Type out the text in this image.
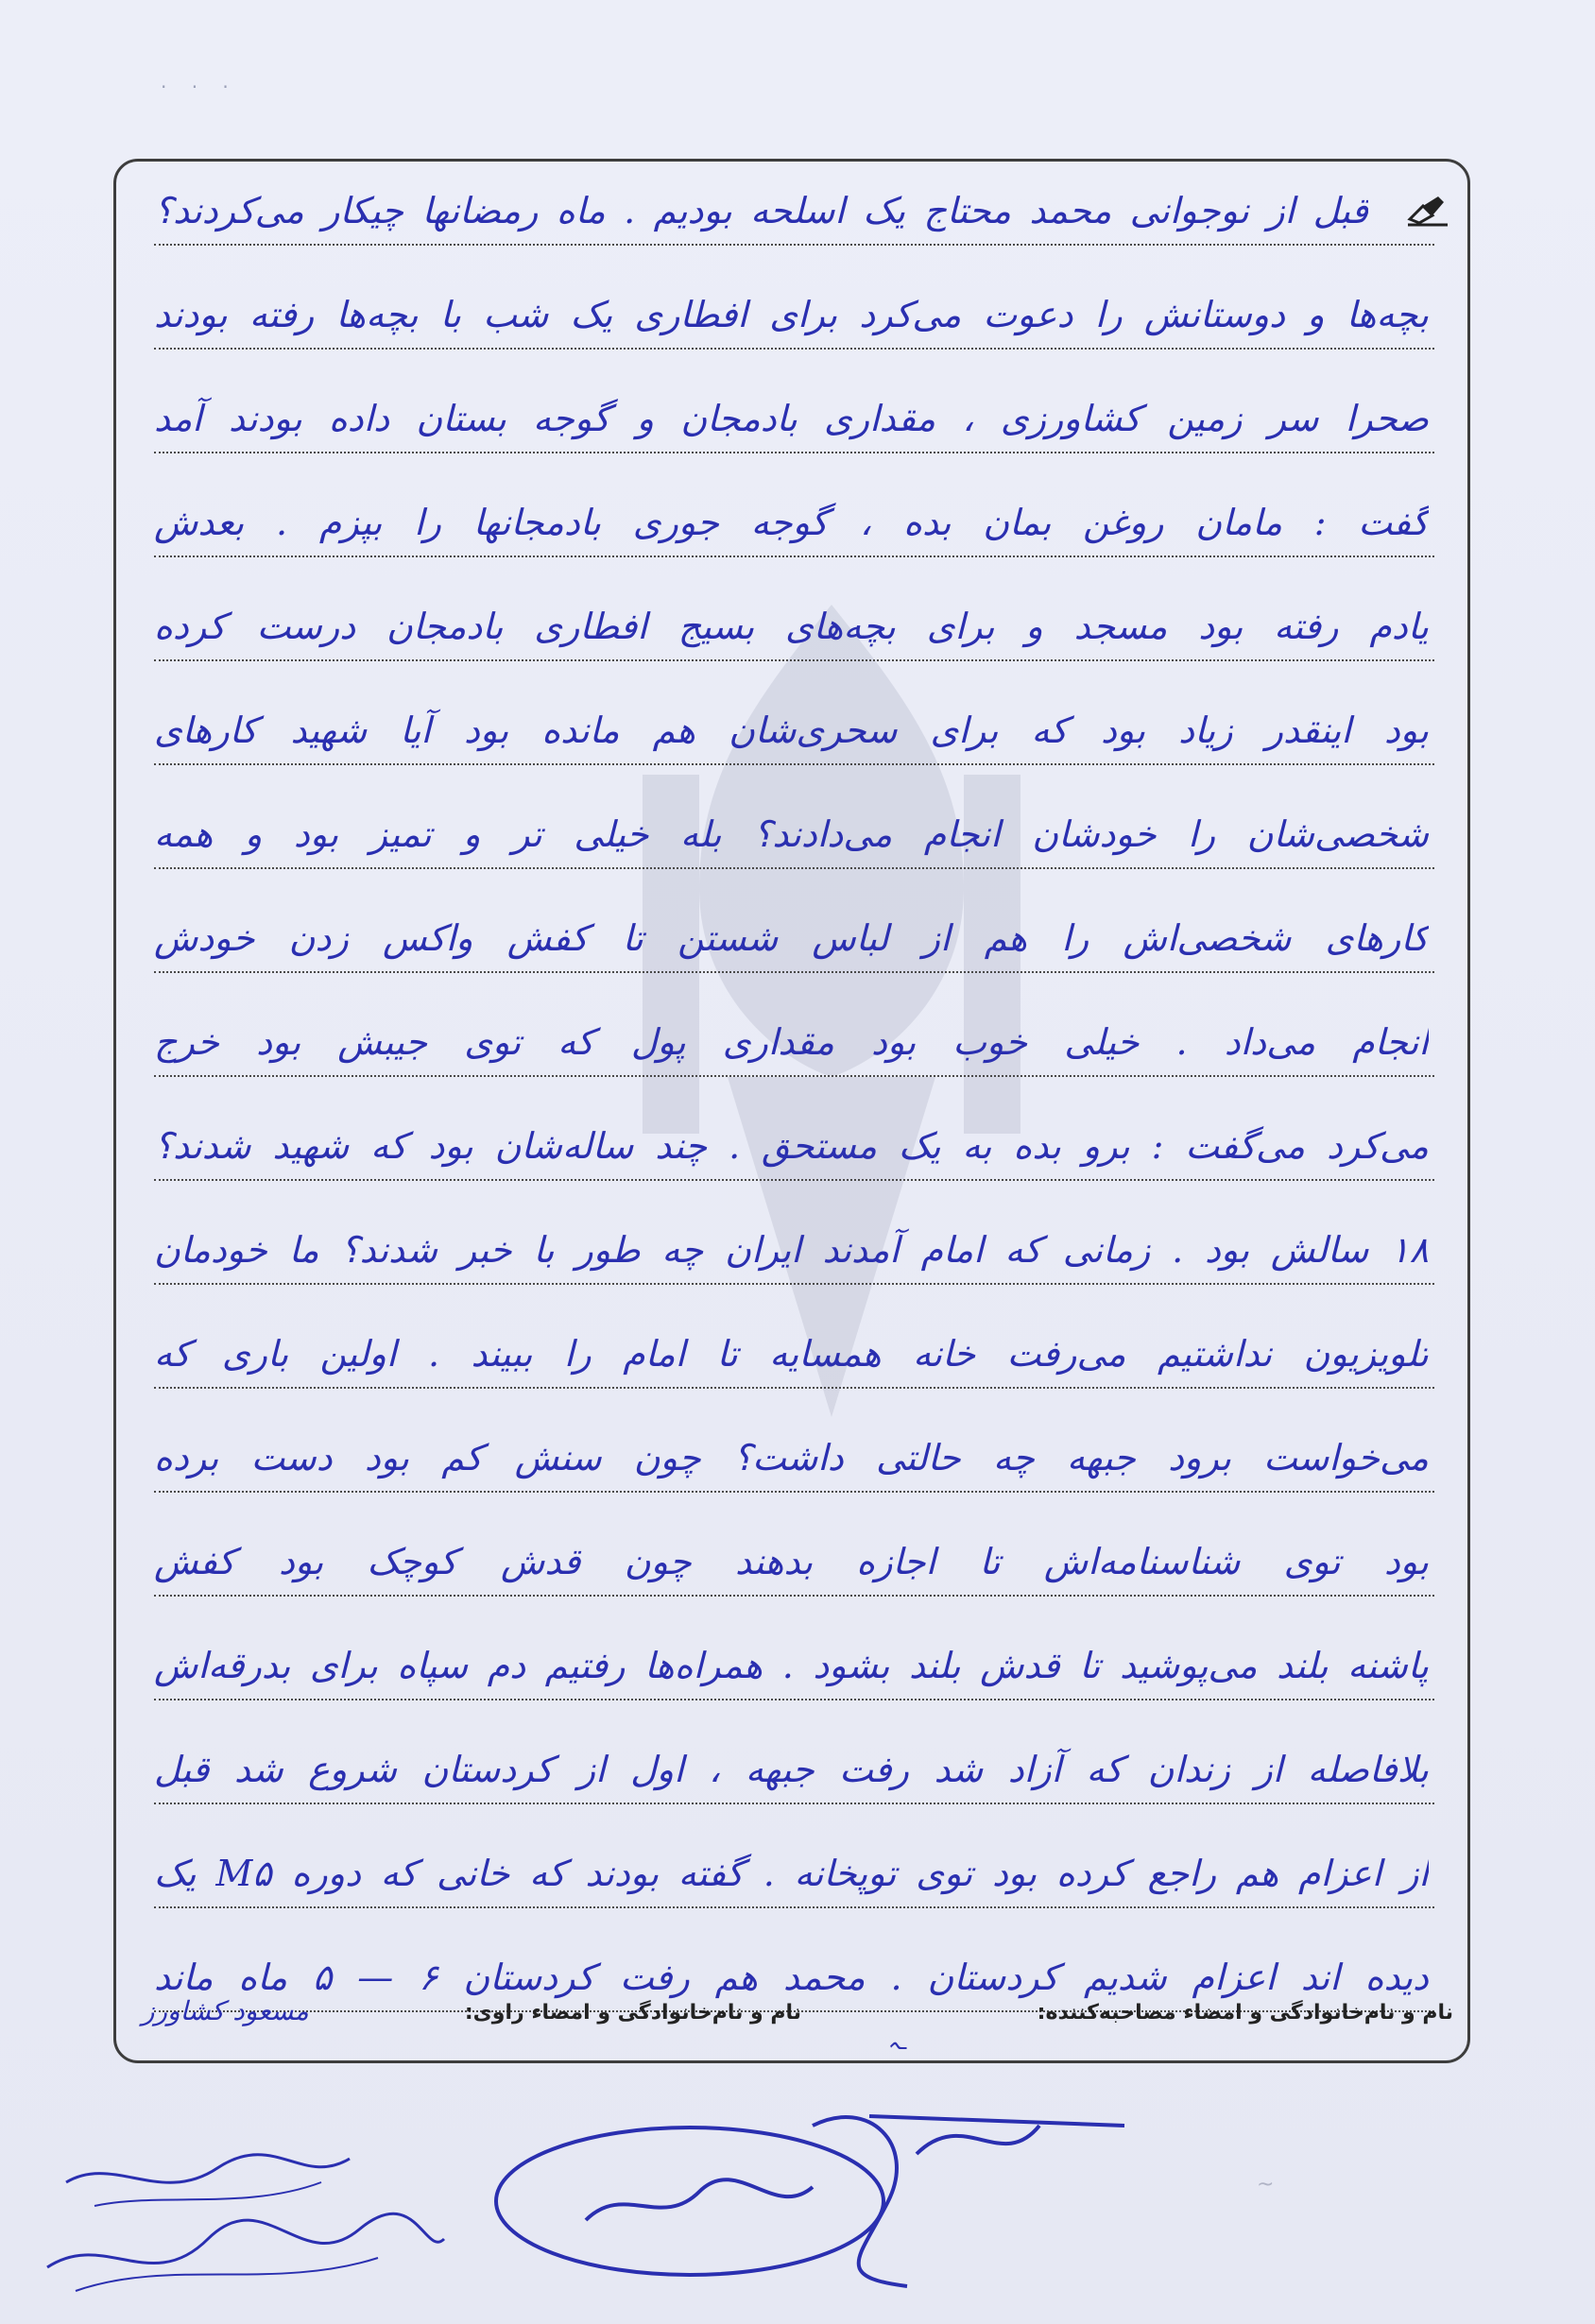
· · ·
قبل از نوجوانی محمد محتاج یک اسلحه بودیم . ماه رمضانها چیکار می‌کردند؟
بچه‌ها و دوستانش را دعوت می‌کرد برای افطاری یک شب با بچه‌ها رفته بودند
صحرا سر زمین کشاورزی ، مقداری بادمجان و گوجه بستان داده بودند آمد
گفت : مامان روغن بمان بده ، گوجه جوری بادمجانها را بپزم . بعدش
یادم رفته بود مسجد و برای بچه‌های بسیج افطاری بادمجان درست کرده
بود اینقدر زیاد بود که برای سحری‌شان هم مانده بود آیا شهید کارهای
شخصی‌شان را خودشان انجام می‌دادند؟ بله خیلی تر و تمیز بود و همه
کارهای شخصی‌اش را هم از لباس شستن تا کفش واکس زدن خودش
انجام می‌داد . خیلی خوب بود مقداری پول که توی جیبش بود خرج
می‌کرد می‌گفت : برو بده به یک مستحق . چند ساله‌شان بود که شهید شدند؟
۱۸ سالش بود . زمانی که امام آمدند ایران چه طور با خبر شدند؟ ما خودمان
تلویزیون نداشتیم می‌رفت خانه همسایه تا امام را ببیند . اولین باری که
می‌خواست برود جبهه چه حالتی داشت؟ چون سنش کم بود دست برده
بود توی شناسنامه‌اش تا اجازه بدهند چون قدش کوچک بود کفش
پاشنه بلند می‌پوشید تا قدش بلند بشود . همراه‌ها رفتیم دم سپاه برای بدرقه‌اش
بلافاصله از زندان که آزاد شد رفت جبهه ، اول از کردستان شروع شد قبل
از اعزام هم راجع کرده بود توی توپخانه . گفته بودند که خانی که دوره M۵ یک
دیده اند اعزام شدیم کردستان . محمد هم رفت کردستان ۶ — ۵ ماه ماند
نام و نام‌خانوادگی و امضاء مصاحبه‌کننده:
نام و نام‌خانوادگی و امضاء راوی:
مسعود کشاورز
ـہ
~
